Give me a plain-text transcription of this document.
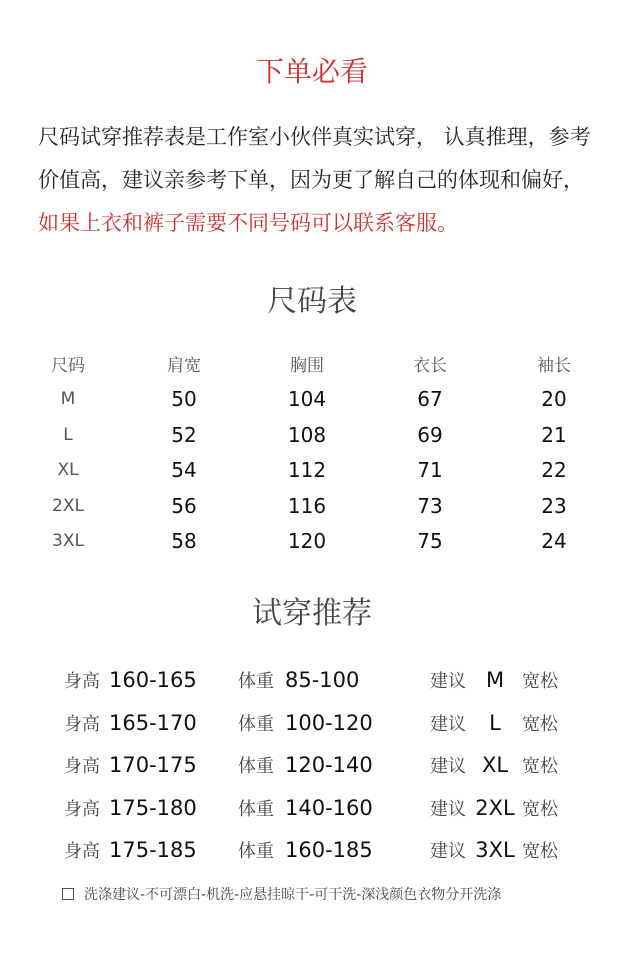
下单必看
尺码试穿推荐表是工作室小伙伴真实试穿， 认真推理，参考价值高，建议亲参考下单，因为更了解自己的体现和偏好，如果上衣和裤子需要不同号码可以联系客服。
尺码表
尺码	肩宽	胸围	衣长	袖长
M	50	104	67	20
L	52	108	69	21
XL	54	112	71	22
2XL	56	116	73	23
3XL	58	120	75	24
试穿推荐
身高 160-165 体重 85-100	建议 M 宽松
身高 165-170 体重 100-120	建议	L	宽松
身高 170-175 体重 120-140	建议 XL 宽松
身高 175-180 体重 140-160	建议 2XL 宽松
身高 175-185 体重 160-185	建议 3XL 宽松
洗涤建议-不可漂白-机洗-应悬挂晾干-可干洗-深浅颜色衣物分开洗涤
